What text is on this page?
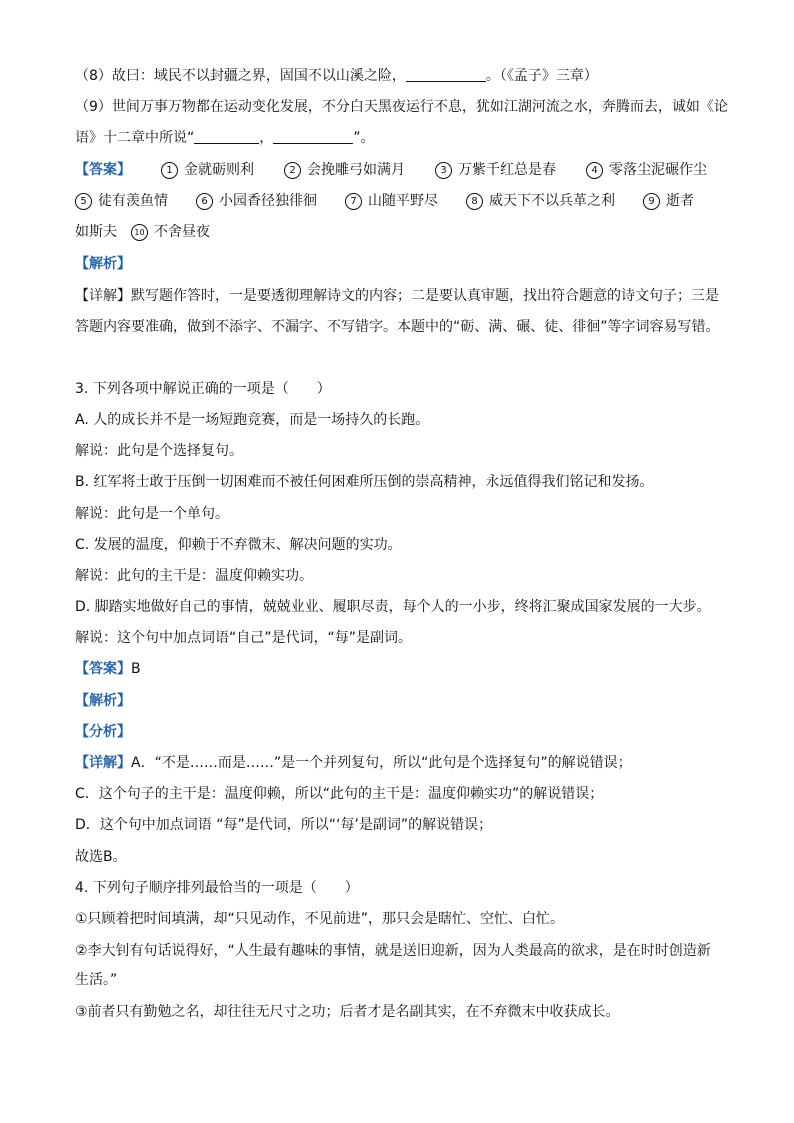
（8）故曰：域民不以封疆之界，固国不以山溪之险，	。（《孟子》三章）
（9）世间万事万物都在运动变化发展，不分白天黑夜运行不息，犹如江湖河流之水，奔腾而去，诚如《论
语》十二章中所说“	，	”。
【答案】	1 金就砺则利	2 会挽雕弓如满月	3 万紫千红总是春	4 零落尘泥碾作尘
5 徒有羡鱼情	6 小园香径独徘徊	7 山随平野尽	8 威天下不以兵革之利	9 逝者
如斯夫	10 不舍昼夜
【解析】
【详解】默写题作答时，一是要透彻理解诗文的内容；二是要认真审题，找出符合题意的诗文句子；三是
答题内容要准确，做到不添字、不漏字、不写错字。本题中的“砺、满、碾、徒、徘徊”等字词容易写错。
3. 下列各项中解说正确的一项是（　　）
A. 人的成长并不是一场短跑竞赛，而是一场持久的长跑。
解说：此句是个选择复句。
B. 红军将士敢于压倒一切困难而不被任何困难所压倒的崇高精神，永远值得我们铭记和发扬。
解说：此句是一个单句。
C. 发展的温度，仰赖于不弃微末、解决问题的实功。
解说：此句的主干是：温度仰赖实功。
D. 脚踏实地做好自己的事情，兢兢业业、履职尽责，每个人的一小步，终将汇聚成国家发展的一大步。
解说：这个句中加点词语“自己”是代词，“每”是副词。
【答案】B
【解析】
【分析】
【详解】A．“不是……而是……”是一个并列复句，所以“此句是个选择复句”的解说错误；
C．这个句子的主干是：温度仰赖，所以“此句的主干是：温度仰赖实功”的解说错误；
D．这个句中加点词语 “每”是代词，所以“‘每’是副词”的解说错误；
故选B。
4. 下列句子顺序排列最恰当的一项是（　　）
①只顾着把时间填满，却“只见动作，不见前进”，那只会是瞎忙、空忙、白忙。
②李大钊有句话说得好，“人生最有趣味的事情，就是送旧迎新，因为人类最高的欲求，是在时时创造新
生活。”
③前者只有勤勉之名，却往往无尺寸之功；后者才是名副其实，在不弃微末中收获成长。
